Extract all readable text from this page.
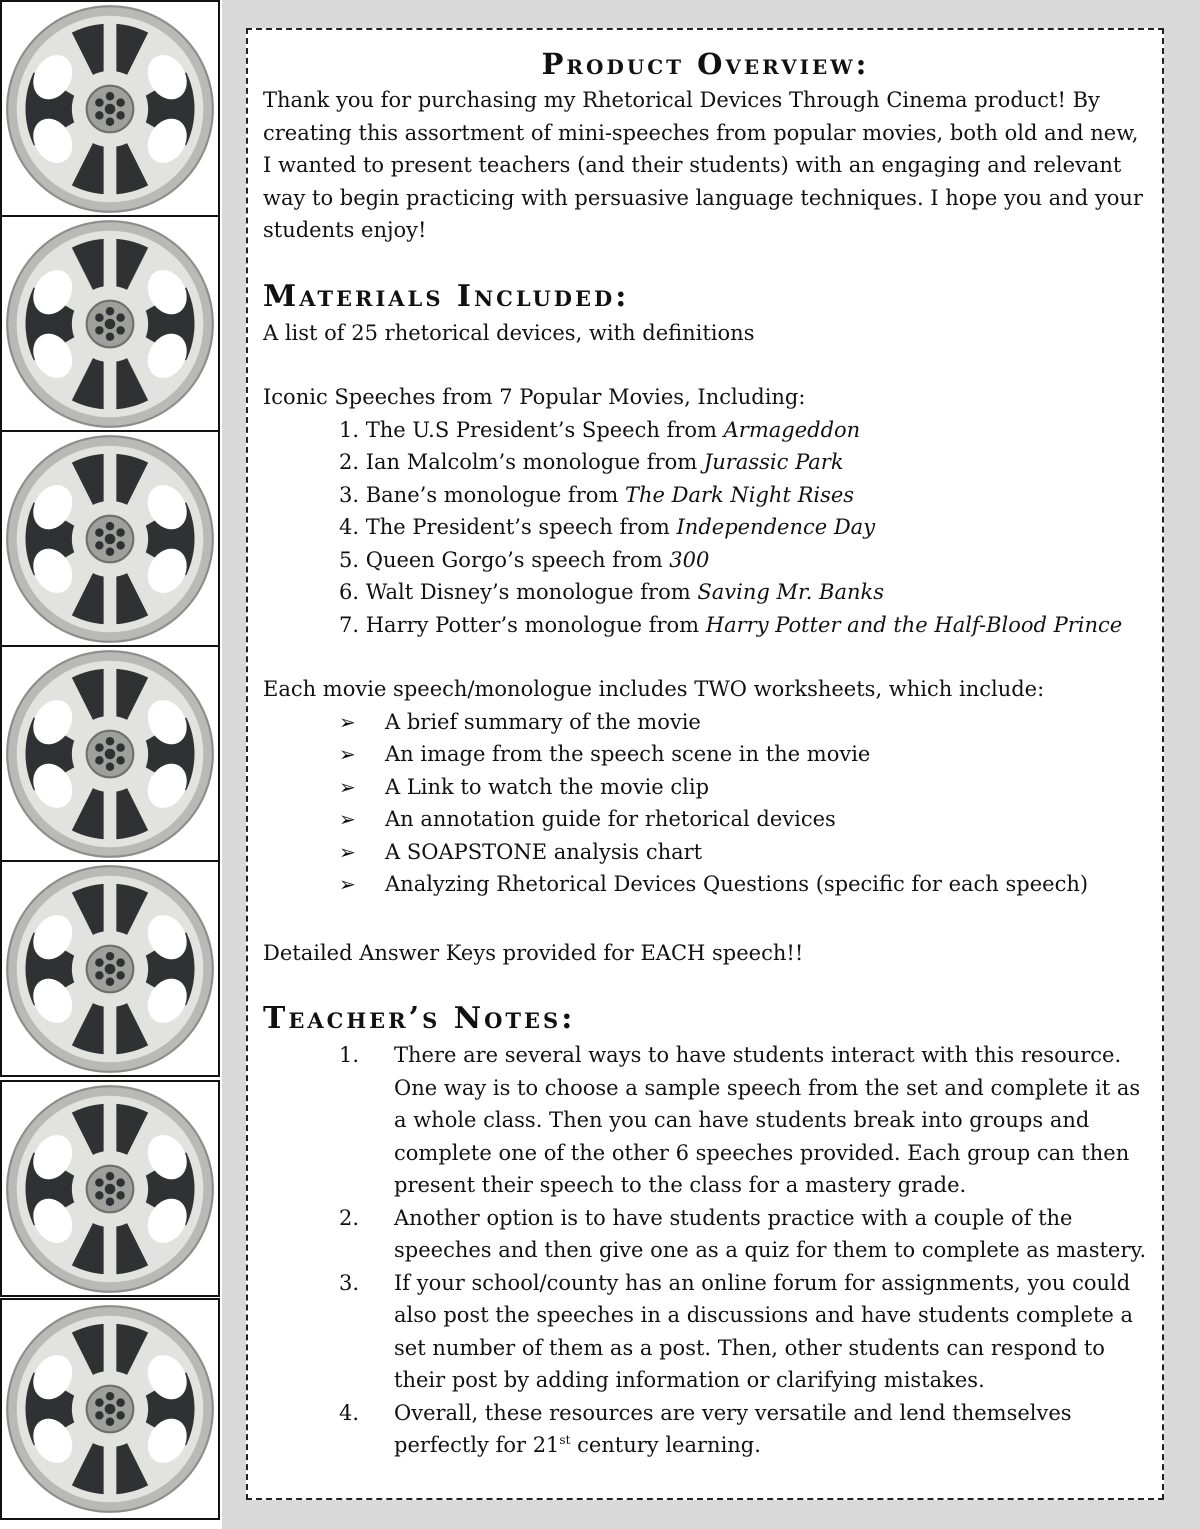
Product Overview:

Thank you for purchasing my Rhetorical Devices Through Cinema product! By creating this assortment of mini-speeches from popular movies, both old and new, I wanted to present teachers (and their students) with an engaging and relevant way to begin practicing with persuasive language techniques. I hope you and your students enjoy!

Materials Included:

A list of 25 rhetorical devices, with definitions

Iconic Speeches from 7 Popular Movies, Including:

1. The U.S President’s Speech from Armageddon
2. Ian Malcolm’s monologue from Jurassic Park
3. Bane’s monologue from The Dark Night Rises
4. The President’s speech from Independence Day
5. Queen Gorgo’s speech from 300
6. Walt Disney’s monologue from Saving Mr. Banks
7. Harry Potter’s monologue from Harry Potter and the Half-Blood Prince

Each movie speech/monologue includes TWO worksheets, which include:

➢	A brief summary of the movie
➢	An image from the speech scene in the movie
➢	A Link to watch the movie clip
➢	An annotation guide for rhetorical devices
➢	A SOAPSTONE analysis chart
➢	Analyzing Rhetorical Devices Questions (specific for each speech)

Detailed Answer Keys provided for EACH speech!!

Teacher’s Notes:
1.	There are several ways to have students interact with this resource. One way is to choose a sample speech from the set and complete it as a whole class. Then you can have students break into groups and complete one of the other 6 speeches provided. Each group can then present their speech to the class for a mastery grade.
2.	Another option is to have students practice with a couple of the speeches and then give one as a quiz for them to complete as mastery.
3.	If your school/county has an online forum for assignments, you could also post the speeches in a discussions and have students complete a set number of them as a post. Then, other students can respond to their post by adding information or clarifying mistakes.
4.	Overall, these resources are very versatile and lend themselves perfectly for 21st century learning.
